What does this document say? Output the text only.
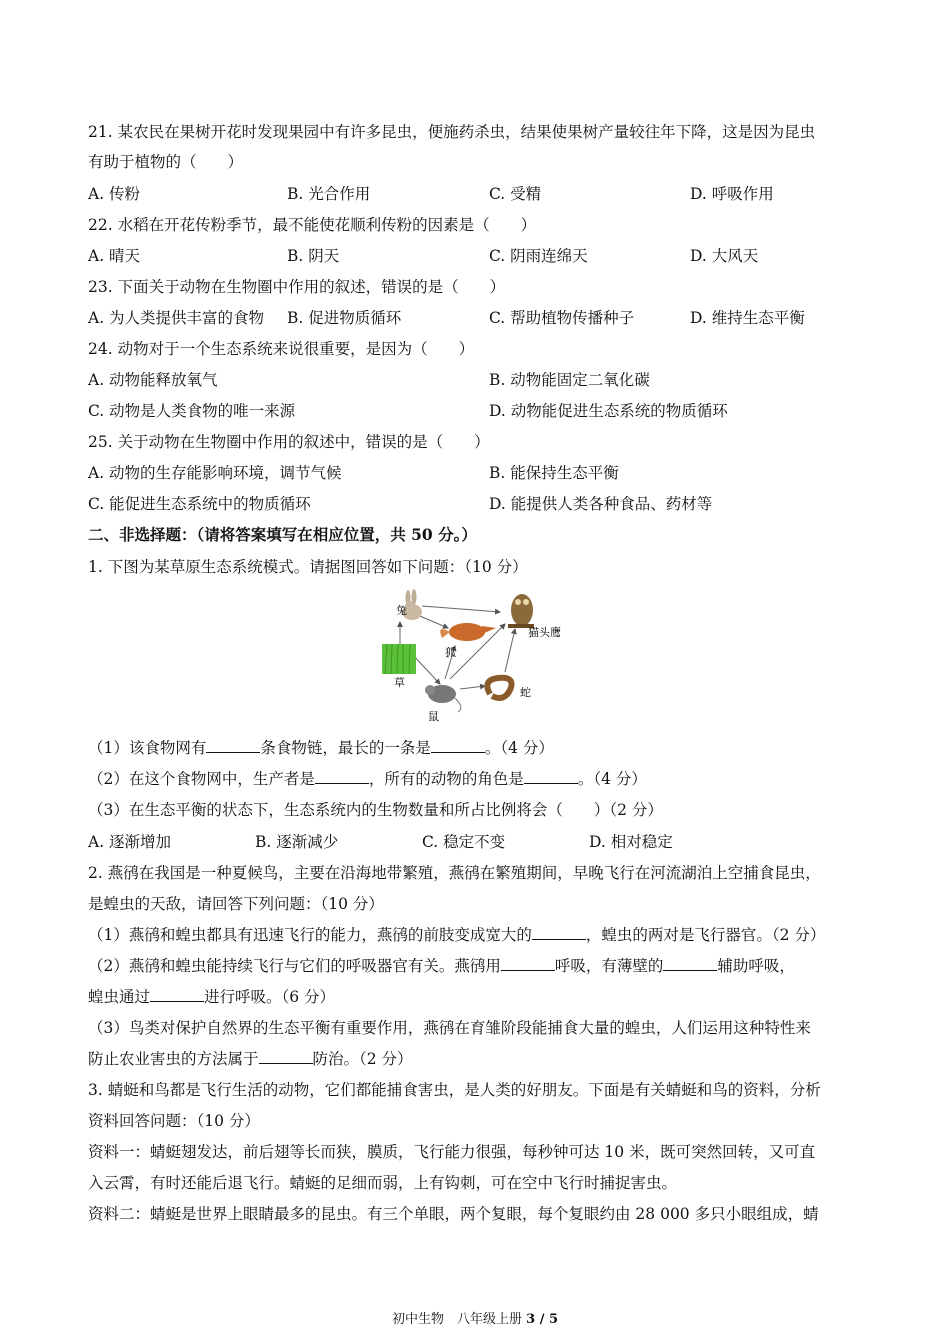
21. 某农民在果树开花时发现果园中有许多昆虫，便施药杀虫，结果使果树产量较往年下降，这是因为昆虫
有助于植物的（　　）
A. 传粉	B. 光合作用	C. 受精	D. 呼吸作用
22. 水稻在开花传粉季节，最不能使花顺利传粉的因素是（　　）
A. 晴天	B. 阴天	C. 阴雨连绵天	D. 大风天
23. 下面关于动物在生物圈中作用的叙述，错误的是（　　）
A. 为人类提供丰富的食物 B. 促进物质循环	C. 帮助植物传播种子	D. 维持生态平衡
24. 动物对于一个生态系统来说很重要，是因为（　　）
A. 动物能释放氧气	B. 动物能固定二氧化碳
C. 动物是人类食物的唯一来源	D. 动物能促进生态系统的物质循环
25. 关于动物在生物圈中作用的叙述中，错误的是（　　）
A. 动物的生存能影响环境，调节气候	B. 能保持生态平衡
C. 能促进生态系统中的物质循环	D. 能提供人类各种食品、药材等
二、非选择题：（请将答案填写在相应位置，共 50 分。）
1. 下图为某草原生态系统模式。请据图回答如下问题：（10 分）
兔
猫头鹰
狐
草
鼠
蛇
（1）该食物网有	条食物链，最长的一条是	。（4 分）
（2）在这个食物网中，生产者是	，所有的动物的角色是	。（4 分）
（3）在生态平衡的状态下，生态系统内的生物数量和所占比例将会（　　）（2 分）
A. 逐渐增加	B. 逐渐减少	C. 稳定不变	D. 相对稳定
2. 燕鸻在我国是一种夏候鸟，主要在沿海地带繁殖，燕鸻在繁殖期间，早晚飞行在河流湖泊上空捕食昆虫，
是蝗虫的天敌，请回答下列问题：（10 分）
（1）燕鸻和蝗虫都具有迅速飞行的能力，燕鸻的前肢变成宽大的	，蝗虫的两对是飞行器官。（2 分）
（2）燕鸻和蝗虫能持续飞行与它们的呼吸器官有关。燕鸻用	呼吸，有薄壁的	辅助呼吸，
蝗虫通过	进行呼吸。（6 分）
（3）鸟类对保护自然界的生态平衡有重要作用，燕鸻在育雏阶段能捕食大量的蝗虫，人们运用这种特性来
防止农业害虫的方法属于	防治。（2 分）
3. 蜻蜓和鸟都是飞行生活的动物，它们都能捕食害虫，是人类的好朋友。下面是有关蜻蜓和鸟的资料，分析
资料回答问题：（10 分）
资料一：蜻蜓翅发达，前后翅等长而狭，膜质，飞行能力很强，每秒钟可达 10 米，既可突然回转，又可直
入云霄，有时还能后退飞行。蜻蜓的足细而弱，上有钩刺，可在空中飞行时捕捉害虫。
资料二：蜻蜓是世界上眼睛最多的昆虫。有三个单眼，两个复眼，每个复眼约由 28 000 多只小眼组成，蜻
初中生物　八年级上册 3 / 5
